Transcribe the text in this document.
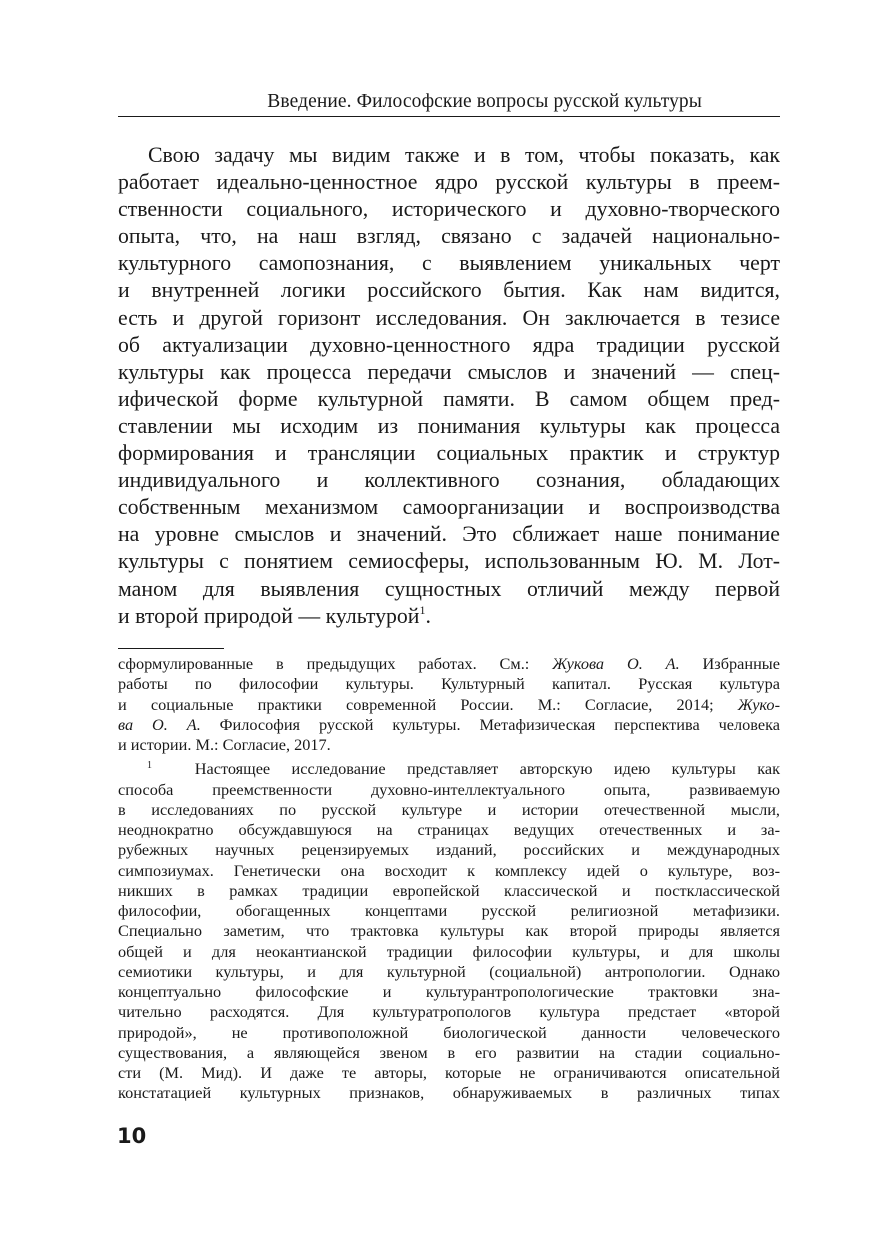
Введение. Философские вопросы русской культуры
Свою задачу мы видим также и в том, чтобы показать, как
работает идеально-ценностное ядро русской культуры в преем-
ственности социального, исторического и духовно-творческого
опыта, что, на наш взгляд, связано с задачей национально-
культурного самопознания, с выявлением уникальных черт
и внутренней логики российского бытия. Как нам видится,
есть и другой горизонт исследования. Он заключается в тезисе
об актуализации духовно-ценностного ядра традиции русской
культуры как процесса передачи смыслов и значений — спец-
ифической форме культурной памяти. В самом общем пред-
ставлении мы исходим из понимания культуры как процесса
формирования и трансляции социальных практик и структур
индивидуального и коллективного сознания, обладающих
собственным механизмом самоорганизации и воспроизводства
на уровне смыслов и значений. Это сближает наше понимание
культуры с понятием семиосферы, использованным Ю. М. Лот-
маном для выявления сущностных отличий между первой
и второй природой — культурой$^1$.
сформулированные в предыдущих работах. См.: Жукова О. А. Избранные
работы по философии культуры. Культурный капитал. Русская культура
и социальные практики современной России. М.: Согласие, 2014; Жуко-
ва О. А. Философия русской культуры. Метафизическая перспектива человека
и истории. М.: Согласие, 2017.
$^1$	Настоящее исследование представляет авторскую идею культуры как
способа преемственности духовно-интеллектуального опыта, развиваемую
в исследованиях по русской культуре и истории отечественной мысли,
неоднократно обсуждавшуюся на страницах ведущих отечественных и за-
рубежных научных рецензируемых изданий, российских и международных
симпозиумах. Генетически она восходит к комплексу идей о культуре, воз-
никших в рамках традиции европейской классической и постклассической
философии, обогащенных концептами русской религиозной метафизики.
Специально заметим, что трактовка культуры как второй природы является
общей и для неокантианской традиции философии культуры, и для школы
семиотики культуры, и для культурной (социальной) антропологии. Однако
концептуально философские и культурантропологические трактовки зна-
чительно расходятся. Для культуратропологов культура предстает «второй
природой», не противоположной биологической данности человеческого
существования, а являющейся звеном в его развитии на стадии социально-
сти (М. Мид). И даже те авторы, которые не ограничиваются описательной
констатацией культурных признаков, обнаруживаемых в различных типах
10
